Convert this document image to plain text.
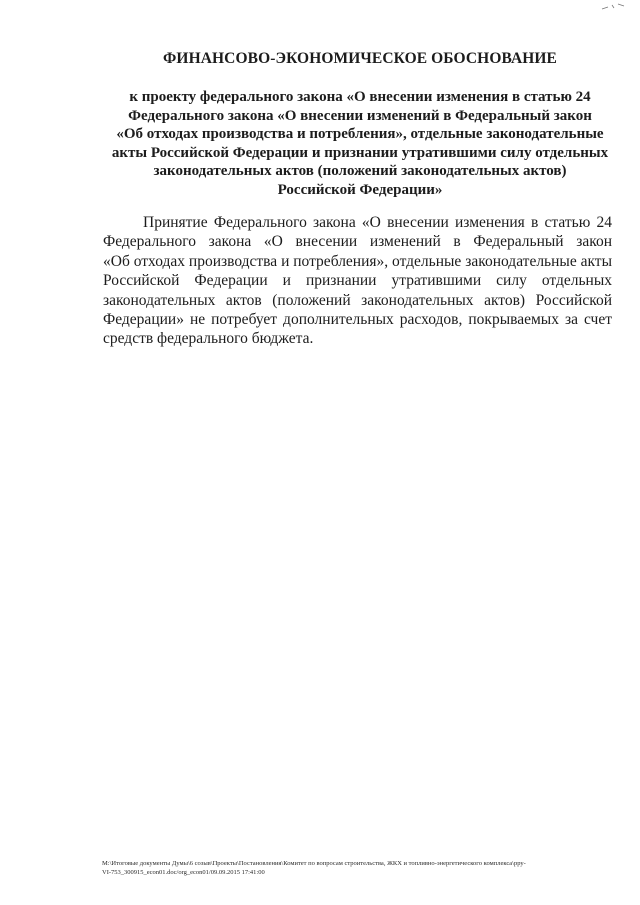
ФИНАНСОВО-ЭКОНОМИЧЕСКОЕ ОБОСНОВАНИЕ
к проекту федерального закона «О внесении изменения в статью 24
Федерального закона «О внесении изменений в Федеральный закон
«Об отходах производства и потребления», отдельные законодательные
акты Российской Федерации и признании утратившими силу отдельных
законодательных актов (положений законодательных актов)
Российской Федерации»
Принятие Федерального закона «О внесении изменения в статью 24
Федерального закона «О внесении изменений в Федеральный закон
«Об отходах производства и потребления», отдельные законодательные акты
Российской Федерации и признании утратившими силу отдельных
законодательных актов (положений законодательных актов) Российской
Федерации» не потребует дополнительных расходов, покрываемых за счет
средств федерального бюджета.
М:\Итоговые документы Думы\6 созыв\Проекты\Постановления\Комитет по вопросам строительства, ЖКХ и топливно-энергетического комплекса\рру-
VI-753_300915_econ01.doc/org_econ01/09.09.2015 17:41:00
